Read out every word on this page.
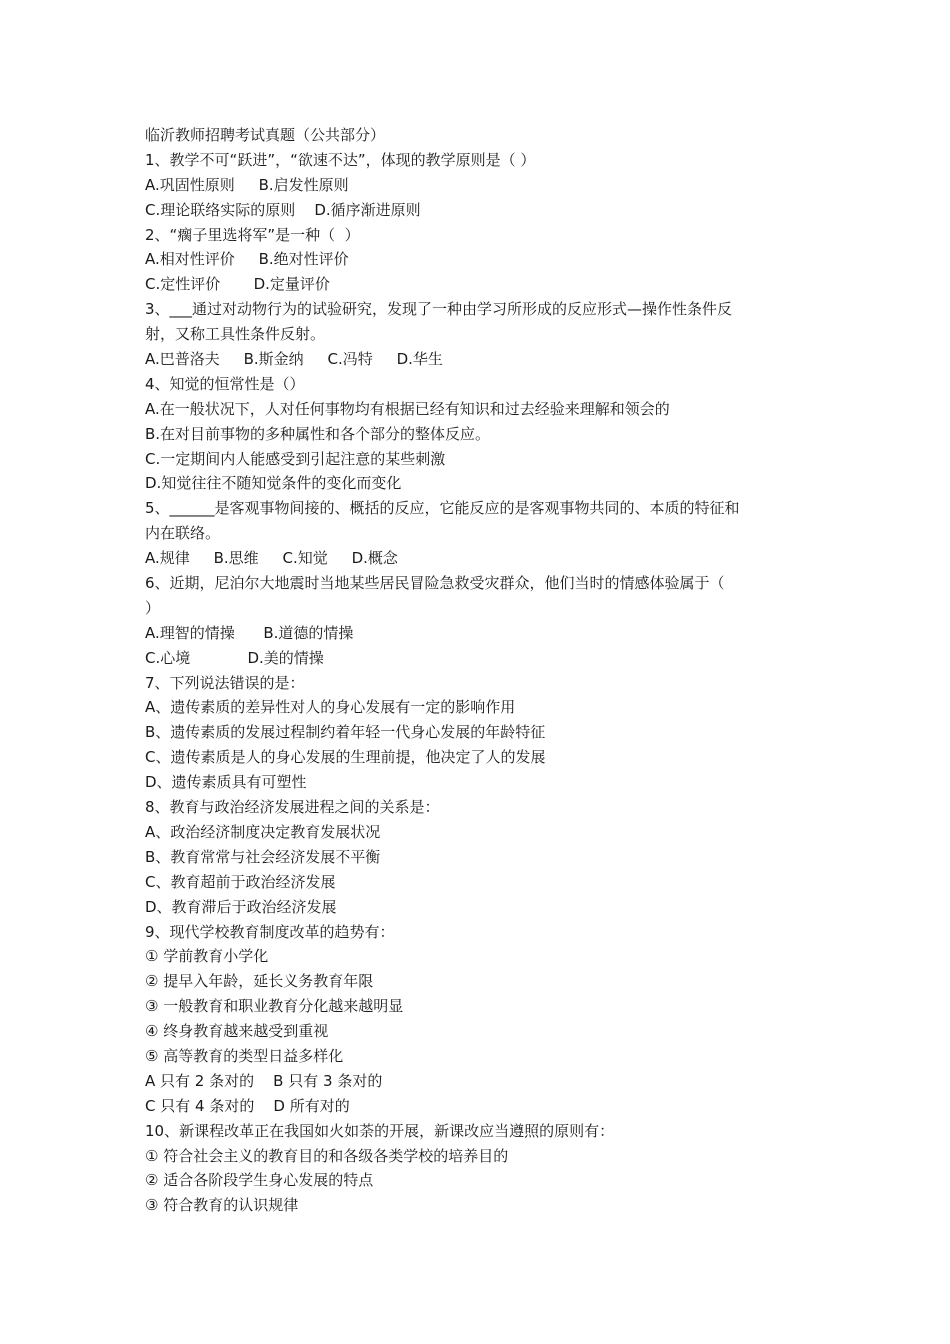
临沂教师招聘考试真题（公共部分）
1、教学不可“跃进”，“欲速不达”，体现的教学原则是（ ）
A.巩固性原则     B.启发性原则
C.理论联络实际的原则    D.循序渐进原则
2、“瘸子里选将军”是一种（  ）
A.相对性评价     B.绝对性评价
C.定性评价       D.定量评价
3、___通过对动物行为的试验研究，发现了一种由学习所形成的反应形式—操作性条件反
射，又称工具性条件反射。
A.巴普洛夫     B.斯金纳     C.冯特     D.华生
4、知觉的恒常性是（）
A.在一般状况下，人对任何事物均有根据已经有知识和过去经验来理解和领会的
B.在对目前事物的多种属性和各个部分的整体反应。
C.一定期间内人能感受到引起注意的某些刺激
D.知觉往往不随知觉条件的变化而变化
5、______是客观事物间接的、概括的反应，它能反应的是客观事物共同的、本质的特征和
内在联络。
A.规律     B.思维     C.知觉     D.概念
6、近期，尼泊尔大地震时当地某些居民冒险急救受灾群众，他们当时的情感体验属于（
）
A.理智的情操      B.道德的情操
C.心境            D.美的情操
7、下列说法错误的是：
A、遗传素质的差异性对人的身心发展有一定的影响作用
B、遗传素质的发展过程制约着年轻一代身心发展的年龄特征
C、遗传素质是人的身心发展的生理前提，他决定了人的发展
D、遗传素质具有可塑性
8、教育与政治经济发展进程之间的关系是：
A、政治经济制度决定教育发展状况
B、教育常常与社会经济发展不平衡
C、教育超前于政治经济发展
D、教育滞后于政治经济发展
9、现代学校教育制度改革的趋势有：
① 学前教育小学化
② 提早入年龄，延长义务教育年限
③ 一般教育和职业教育分化越来越明显
④ 终身教育越来越受到重视
⑤ 高等教育的类型日益多样化
A 只有 2 条对的    B 只有 3 条对的
C 只有 4 条对的    D 所有对的
10、新课程改革正在我国如火如荼的开展，新课改应当遵照的原则有：
① 符合社会主义的教育目的和各级各类学校的培养目的
② 适合各阶段学生身心发展的特点
③ 符合教育的认识规律
